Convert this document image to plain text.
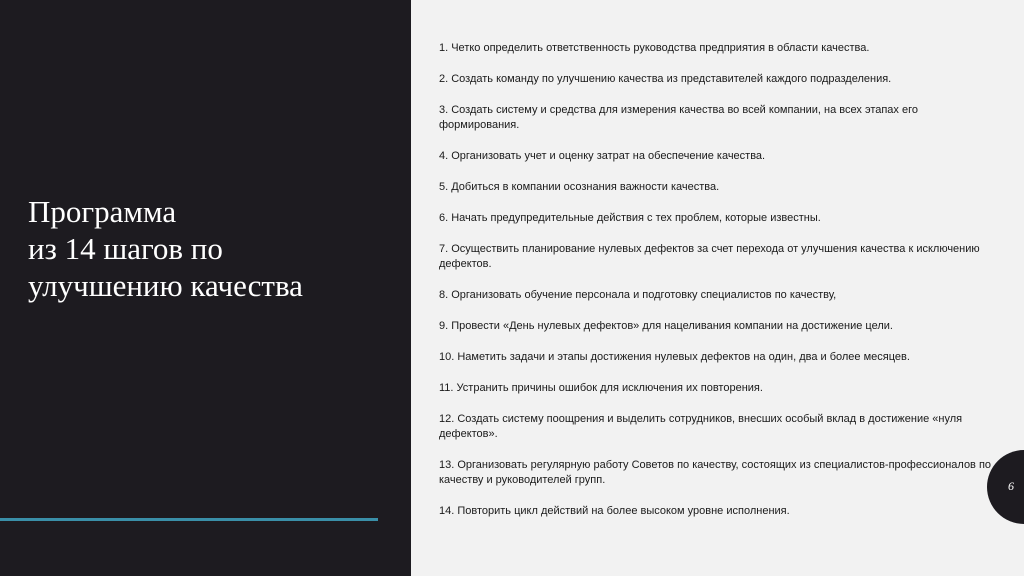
Программа
из 14 шагов по
улучшению качества
1. Четко определить ответственность руководства предприятия в области качества.
2. Создать команду по улучшению качества из представителей каждого подразделения.
3. Создать систему и средства для измерения качества во всей компании, на всех этапах его формирования.
4. Организовать учет и оценку затрат на обеспечение качества.
5. Добиться в компании осознания важности качества.
6. Начать предупредительные действия с тех проблем, которые известны.
7. Осуществить планирование нулевых дефектов за счет перехода от улучшения качества к исключению дефектов.
8. Организовать обучение персонала и подготовку специалистов по качеству,
9. Провести «День нулевых дефектов» для нацеливания компании на достижение цели.
10. Наметить задачи и этапы достижения нулевых дефектов на один, два и более месяцев.
11. Устранить причины ошибок для исключения их повторения.
12. Создать систему поощрения и выделить сотрудников, внесших особый вклад в достижение «нуля дефектов».
13. Организовать регулярную работу Советов по качеству, состоящих из специалистов-профессионалов по качеству и руководителей групп.
14. Повторить цикл действий на более высоком уровне исполнения.
6
